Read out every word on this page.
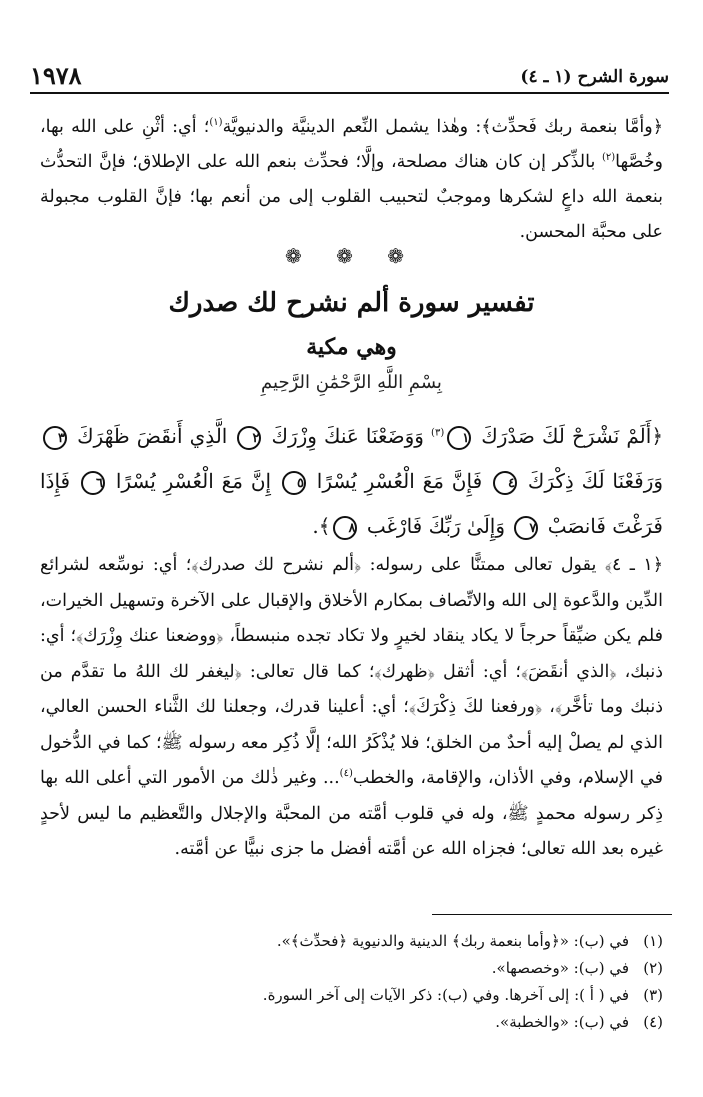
١٩٧٨	سورة الشرح (١ ـ ٤)
﴿وأمَّا بنعمة ربك فَحدِّث﴾: وهٰذا يشمل النِّعم الدينيَّة والدنيويَّة$^{(١)}$؛ أي: أثْنِ على الله بها، وخُصَّها$^{(٢)}$ بالذِّكر إن كان هناك مصلحة، وإلَّا؛ فحدِّث بنعم الله على الإطلاق؛ فإنَّ التحدُّث بنعمة الله داعٍ لشكرها وموجبٌ لتحبيب القلوب إلى من أنعم بها؛ فإنَّ القلوب مجبولة على محبَّة المحسن.
❁ ❁ ❁
تفسير سورة ألم نشرح لك صدرك
وهي مكية
بِسْمِ اللَّهِ الرَّحْمَٰنِ الرَّحِيمِ
﴿أَلَمْ نَشْرَحْ لَكَ صَدْرَكَ ١$^{(٣)}$ وَوَضَعْنَا عَنكَ وِزْرَكَ ٢ الَّذِي أَنقَضَ ظَهْرَكَ ٣ وَرَفَعْنَا لَكَ ذِكْرَكَ ٤ فَإِنَّ مَعَ الْعُسْرِ يُسْرًا ٥ إِنَّ مَعَ الْعُسْرِ يُسْرًا ٦ فَإِذَا فَرَغْتَ فَانصَبْ ٧ وَإِلَىٰ رَبِّكَ فَارْغَب ٨﴾.
﴿١ ـ ٤﴾ يقول تعالى ممتنًّا على رسوله: ﴿ألم نشرح لك صدرك﴾؛ أي: نوسِّعه لشرائع الدِّين والدَّعوة إلى الله والاتِّصاف بمكارم الأخلاق والإقبال على الآخرة وتسهيل الخيرات، فلم يكن ضيِّقاً حرجاً لا يكاد ينقاد لخيرٍ ولا تكاد تجده منبسطاً، ﴿ووضعنا عنك وِزْرَك﴾؛ أي: ذنبك، ﴿الذي أنقَضَ﴾؛ أي: أثقل ﴿ظهرك﴾؛ كما قال تعالى: ﴿ليغفر لك اللهُ ما تقدَّم من ذنبك وما تأخَّر﴾، ﴿ورفعنا لكَ ذِكْرَكَ﴾؛ أي: أعلينا قدرك، وجعلنا لك الثَّناء الحسن العالي، الذي لم يصلْ إليه أحدٌ من الخلق؛ فلا يُذْكَرُ الله؛ إلَّا ذُكِر معه رسوله ﷺ؛ كما في الدُّخول في الإسلام، وفي الأذان، والإقامة، والخطب$^{(٤)}$... وغير ذٰلك من الأمور التي أعلى الله بها ذِكر رسوله محمدٍ ﷺ، وله في قلوب أمَّته من المحبَّة والإجلال والتَّعظيم ما ليس لأحدٍ غيره بعد الله تعالى؛ فجزاه الله عن أمَّته أفضل ما جزى نبيًّا عن أمَّته.
(١)
في (ب): «﴿وأما بنعمة ربك﴾ الدينية والدنيوية ﴿فحدِّث﴾».
(٢)
في (ب): «وخصصها».
(٣)
في ( أ ): إلى آخرها. وفي (ب): ذكر الآيات إلى آخر السورة.
(٤)
في (ب): «والخطبة».
